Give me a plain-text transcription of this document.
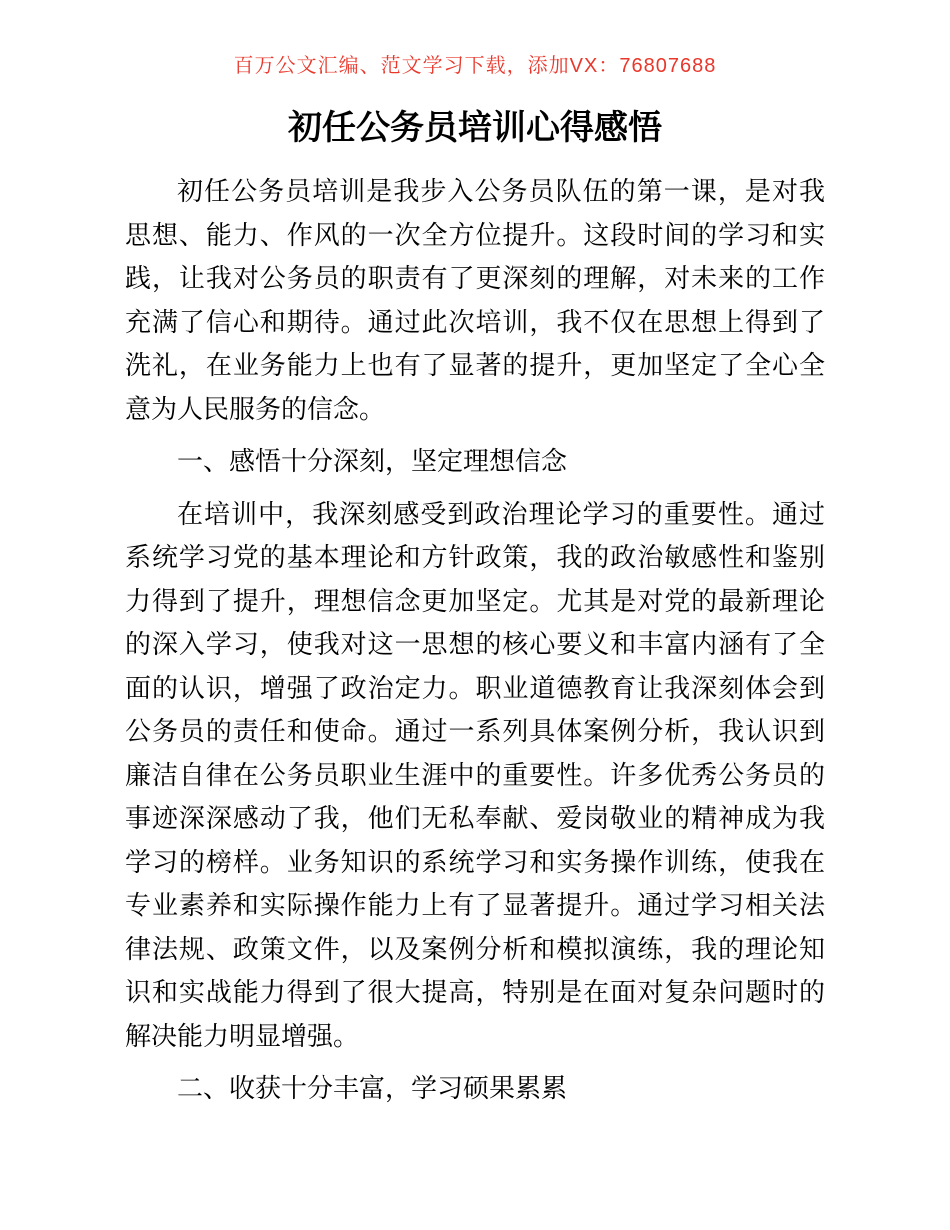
百万公文汇编、范文学习下载，添加VX：76807688
初任公务员培训心得感悟

初任公务员培训是我步入公务员队伍的第一课，是对我思想、能力、作风的一次全方位提升。这段时间的学习和实践，让我对公务员的职责有了更深刻的理解，对未来的工作充满了信心和期待。通过此次培训，我不仅在思想上得到了洗礼，在业务能力上也有了显著的提升，更加坚定了全心全意为人民服务的信念。

一、感悟十分深刻，坚定理想信念

在培训中，我深刻感受到政治理论学习的重要性。通过系统学习党的基本理论和方针政策，我的政治敏感性和鉴别力得到了提升，理想信念更加坚定。尤其是对党的最新理论的深入学习，使我对这一思想的核心要义和丰富内涵有了全面的认识，增强了政治定力。职业道德教育让我深刻体会到公务员的责任和使命。通过一系列具体案例分析，我认识到廉洁自律在公务员职业生涯中的重要性。许多优秀公务员的事迹深深感动了我，他们无私奉献、爱岗敬业的精神成为我学习的榜样。业务知识的系统学习和实务操作训练，使我在专业素养和实际操作能力上有了显著提升。通过学习相关法律法规、政策文件，以及案例分析和模拟演练，我的理论知识和实战能力得到了很大提高，特别是在面对复杂问题时的解决能力明显增强。

二、收获十分丰富，学习硕果累累
